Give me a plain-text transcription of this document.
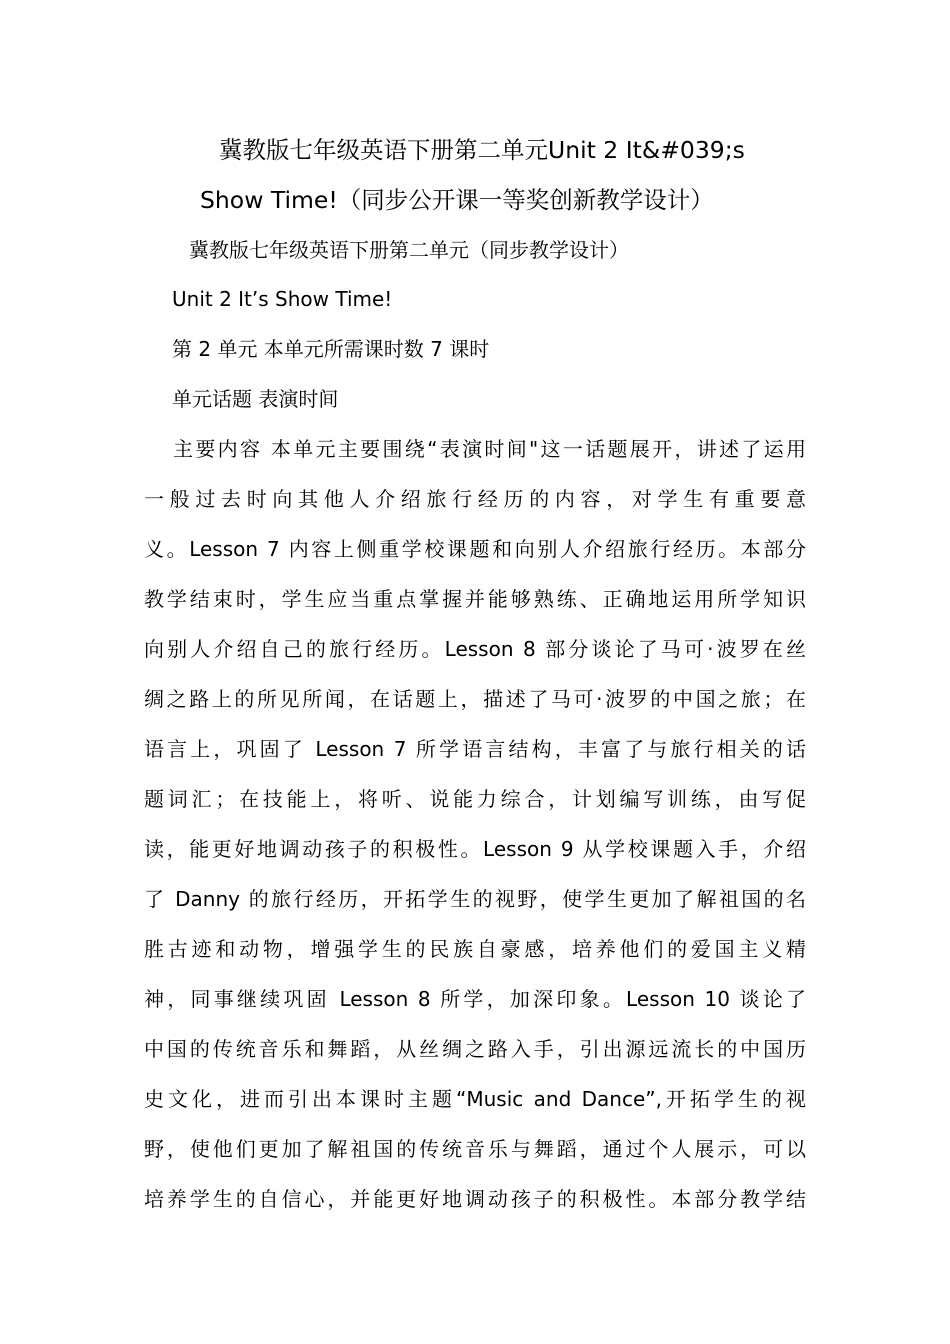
冀教版七年级英语下册第二单元Unit 2 It&#039;s
Show Time!（同步公开课一等奖创新教学设计）

冀教版七年级英语下册第二单元（同步教学设计）

Unit 2 It’s Show Time!

第 2 单元 本单元所需课时数 7 课时

单元话题 表演时间

主要内容 本单元主要围绕“表演时间"这一话题展开，讲述了运用
一般过去时向其他人介绍旅行经历的内容，对学生有重要意
义。Lesson 7 内容上侧重学校课题和向别人介绍旅行经历。本部分
教学结束时，学生应当重点掌握并能够熟练、正确地运用所学知识
向别人介绍自己的旅行经历。Lesson 8 部分谈论了马可·波罗在丝
绸之路上的所见所闻，在话题上，描述了马可·波罗的中国之旅；在
语言上，巩固了 Lesson 7 所学语言结构，丰富了与旅行相关的话
题词汇；在技能上，将听、说能力综合，计划编写训练，由写促
读，能更好地调动孩子的积极性。Lesson 9 从学校课题入手，介绍
了 Danny 的旅行经历，开拓学生的视野，使学生更加了解祖国的名
胜古迹和动物，增强学生的民族自豪感，培养他们的爱国主义精
神，同事继续巩固 Lesson 8 所学，加深印象。Lesson 10 谈论了
中国的传统音乐和舞蹈，从丝绸之路入手，引出源远流长的中国历
史文化，进而引出本课时主题“Music and Dance”,开拓学生的视
野，使他们更加了解祖国的传统音乐与舞蹈，通过个人展示，可以
培养学生的自信心，并能更好地调动孩子的积极性。本部分教学结
